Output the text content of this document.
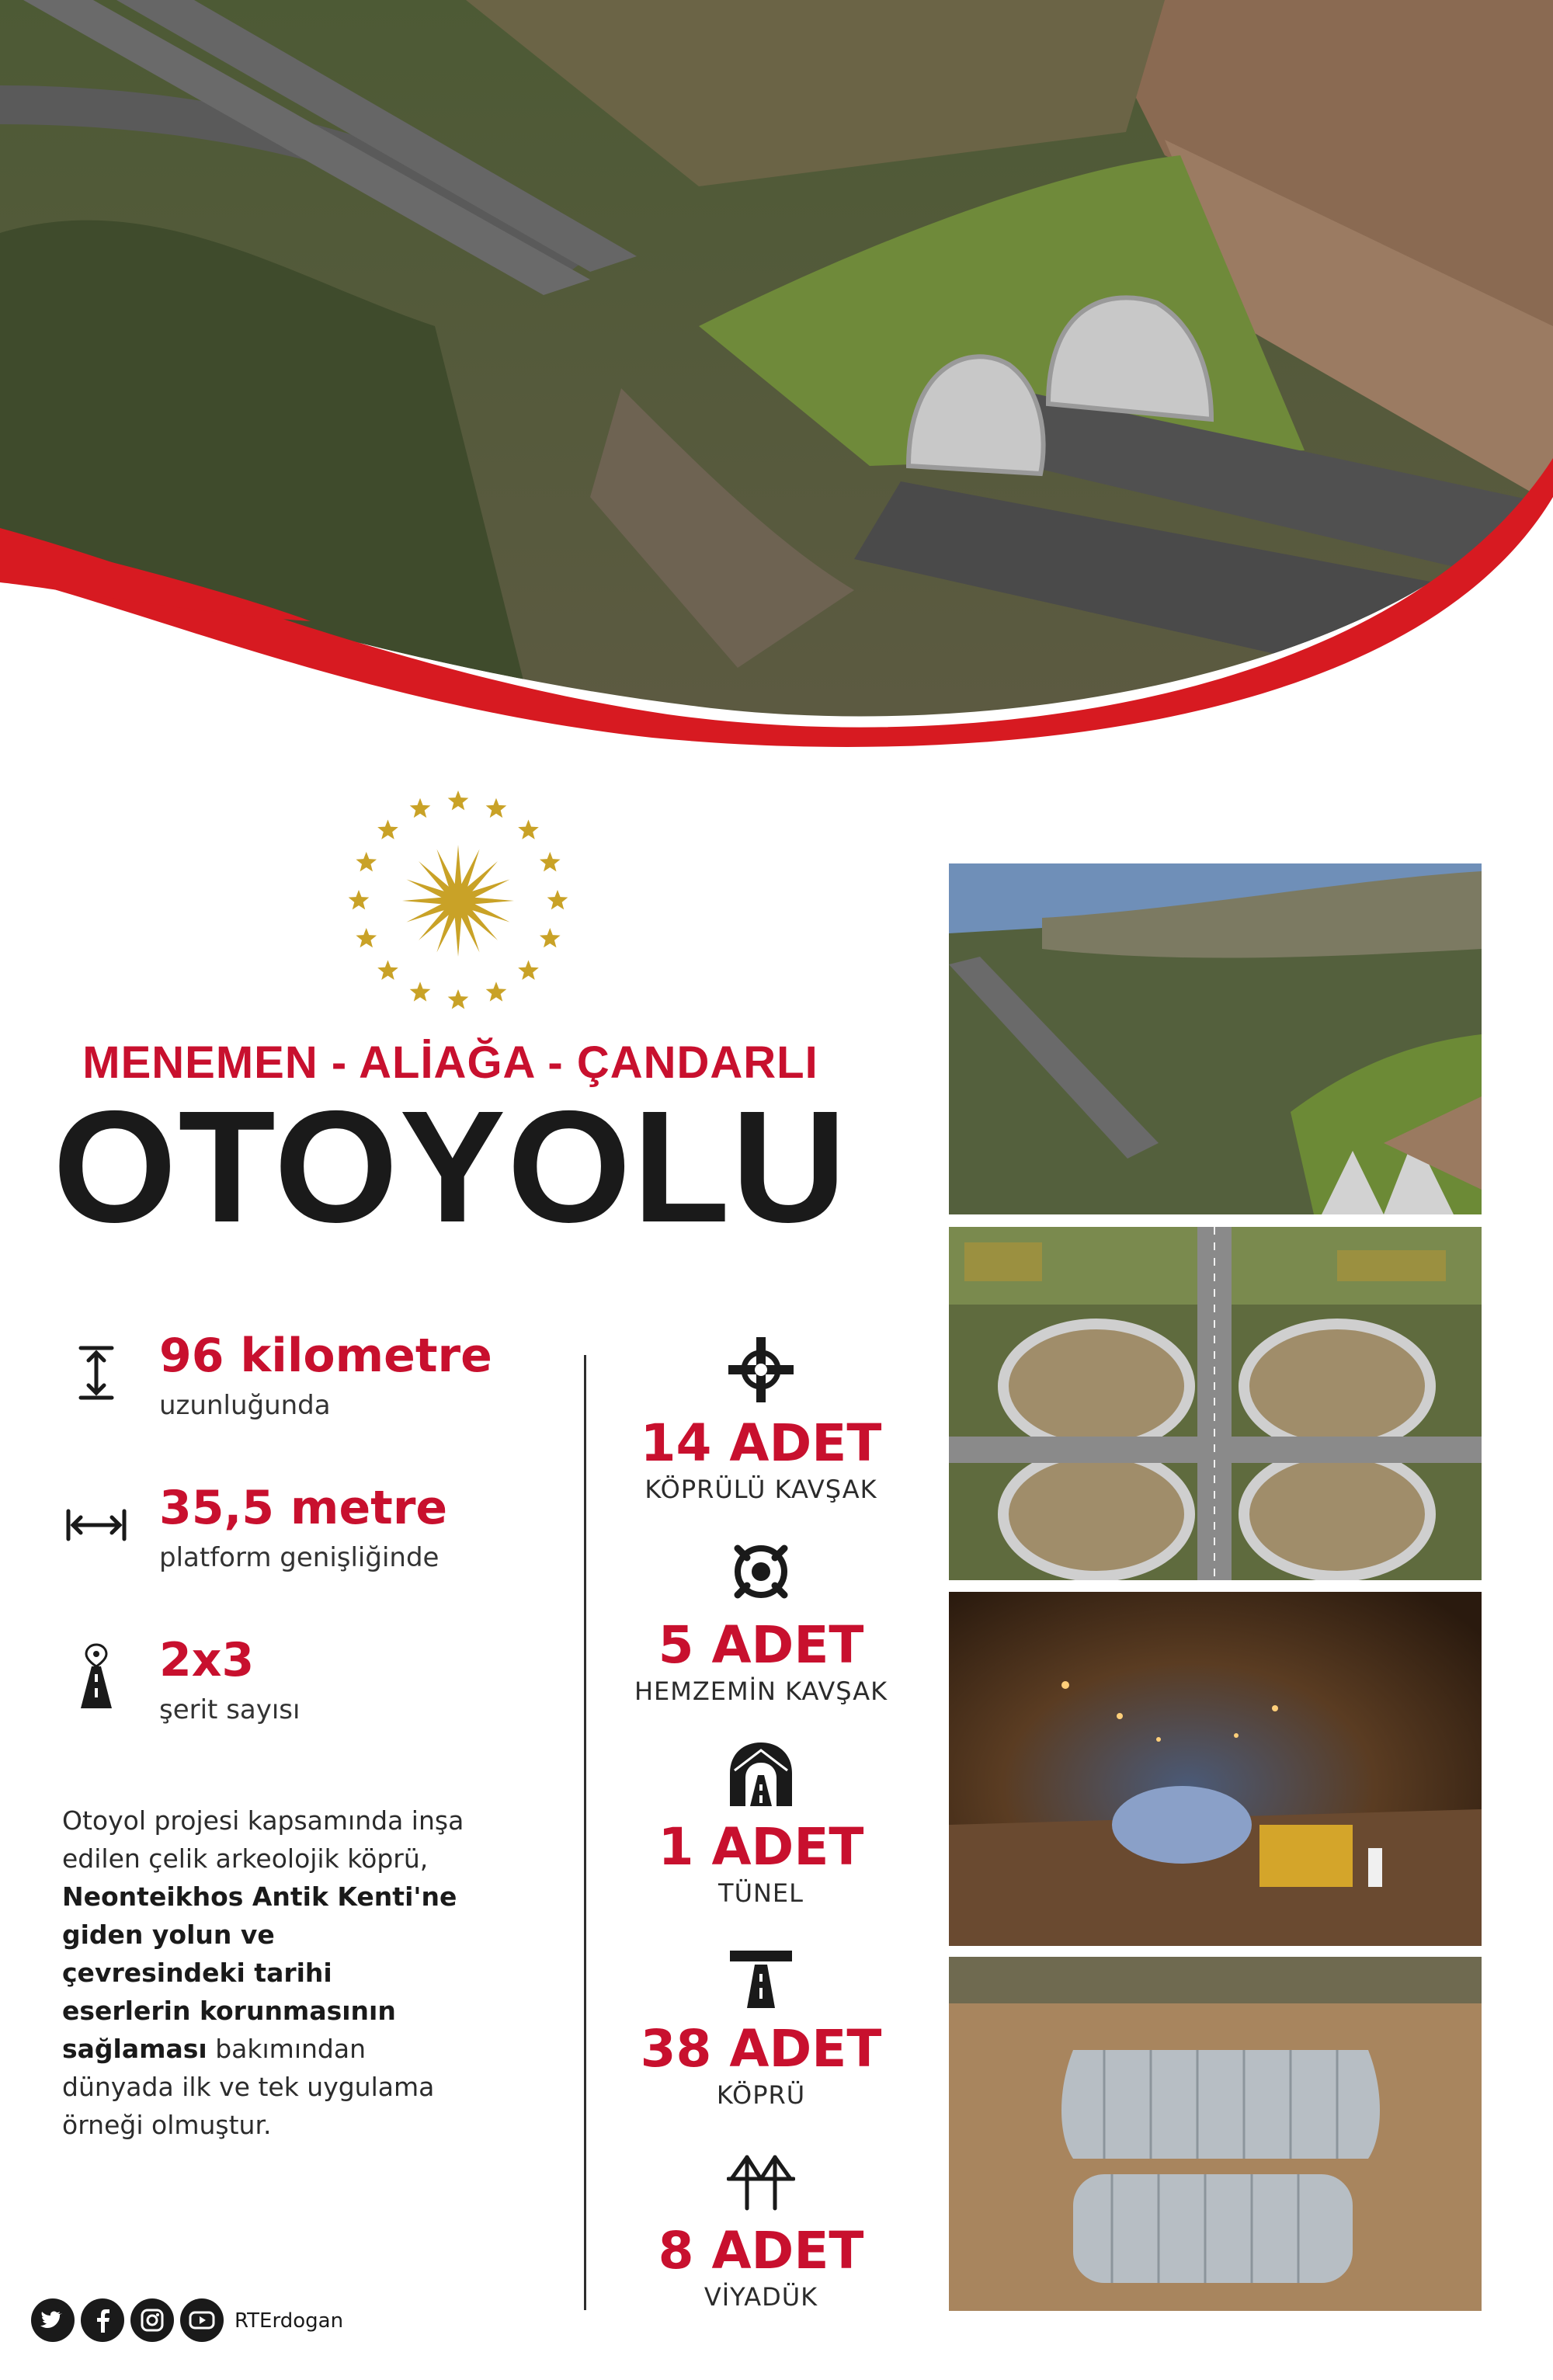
MENEMEN - ALİAĞA - ÇANDARLI
OTOYOLU
96 kilometre
uzunluğunda
35,5 metre
platform genişliğinde
2x3
şerit sayısı
Otoyol projesi kapsamında inşa edilen çelik arkeolojik köprü, Neonteikhos Antik Kenti'ne giden yolun ve çevresindeki tarihi eserlerin korunmasının sağlaması bakımından dünyada ilk ve tek uygulama örneği olmuştur.
14 ADET
KÖPRÜLÜ KAVŞAK
5 ADET
HEMZEMİN KAVŞAK
1 ADET
TÜNEL
38 ADET
KÖPRÜ
8 ADET
VİYADÜK
RTErdogan
